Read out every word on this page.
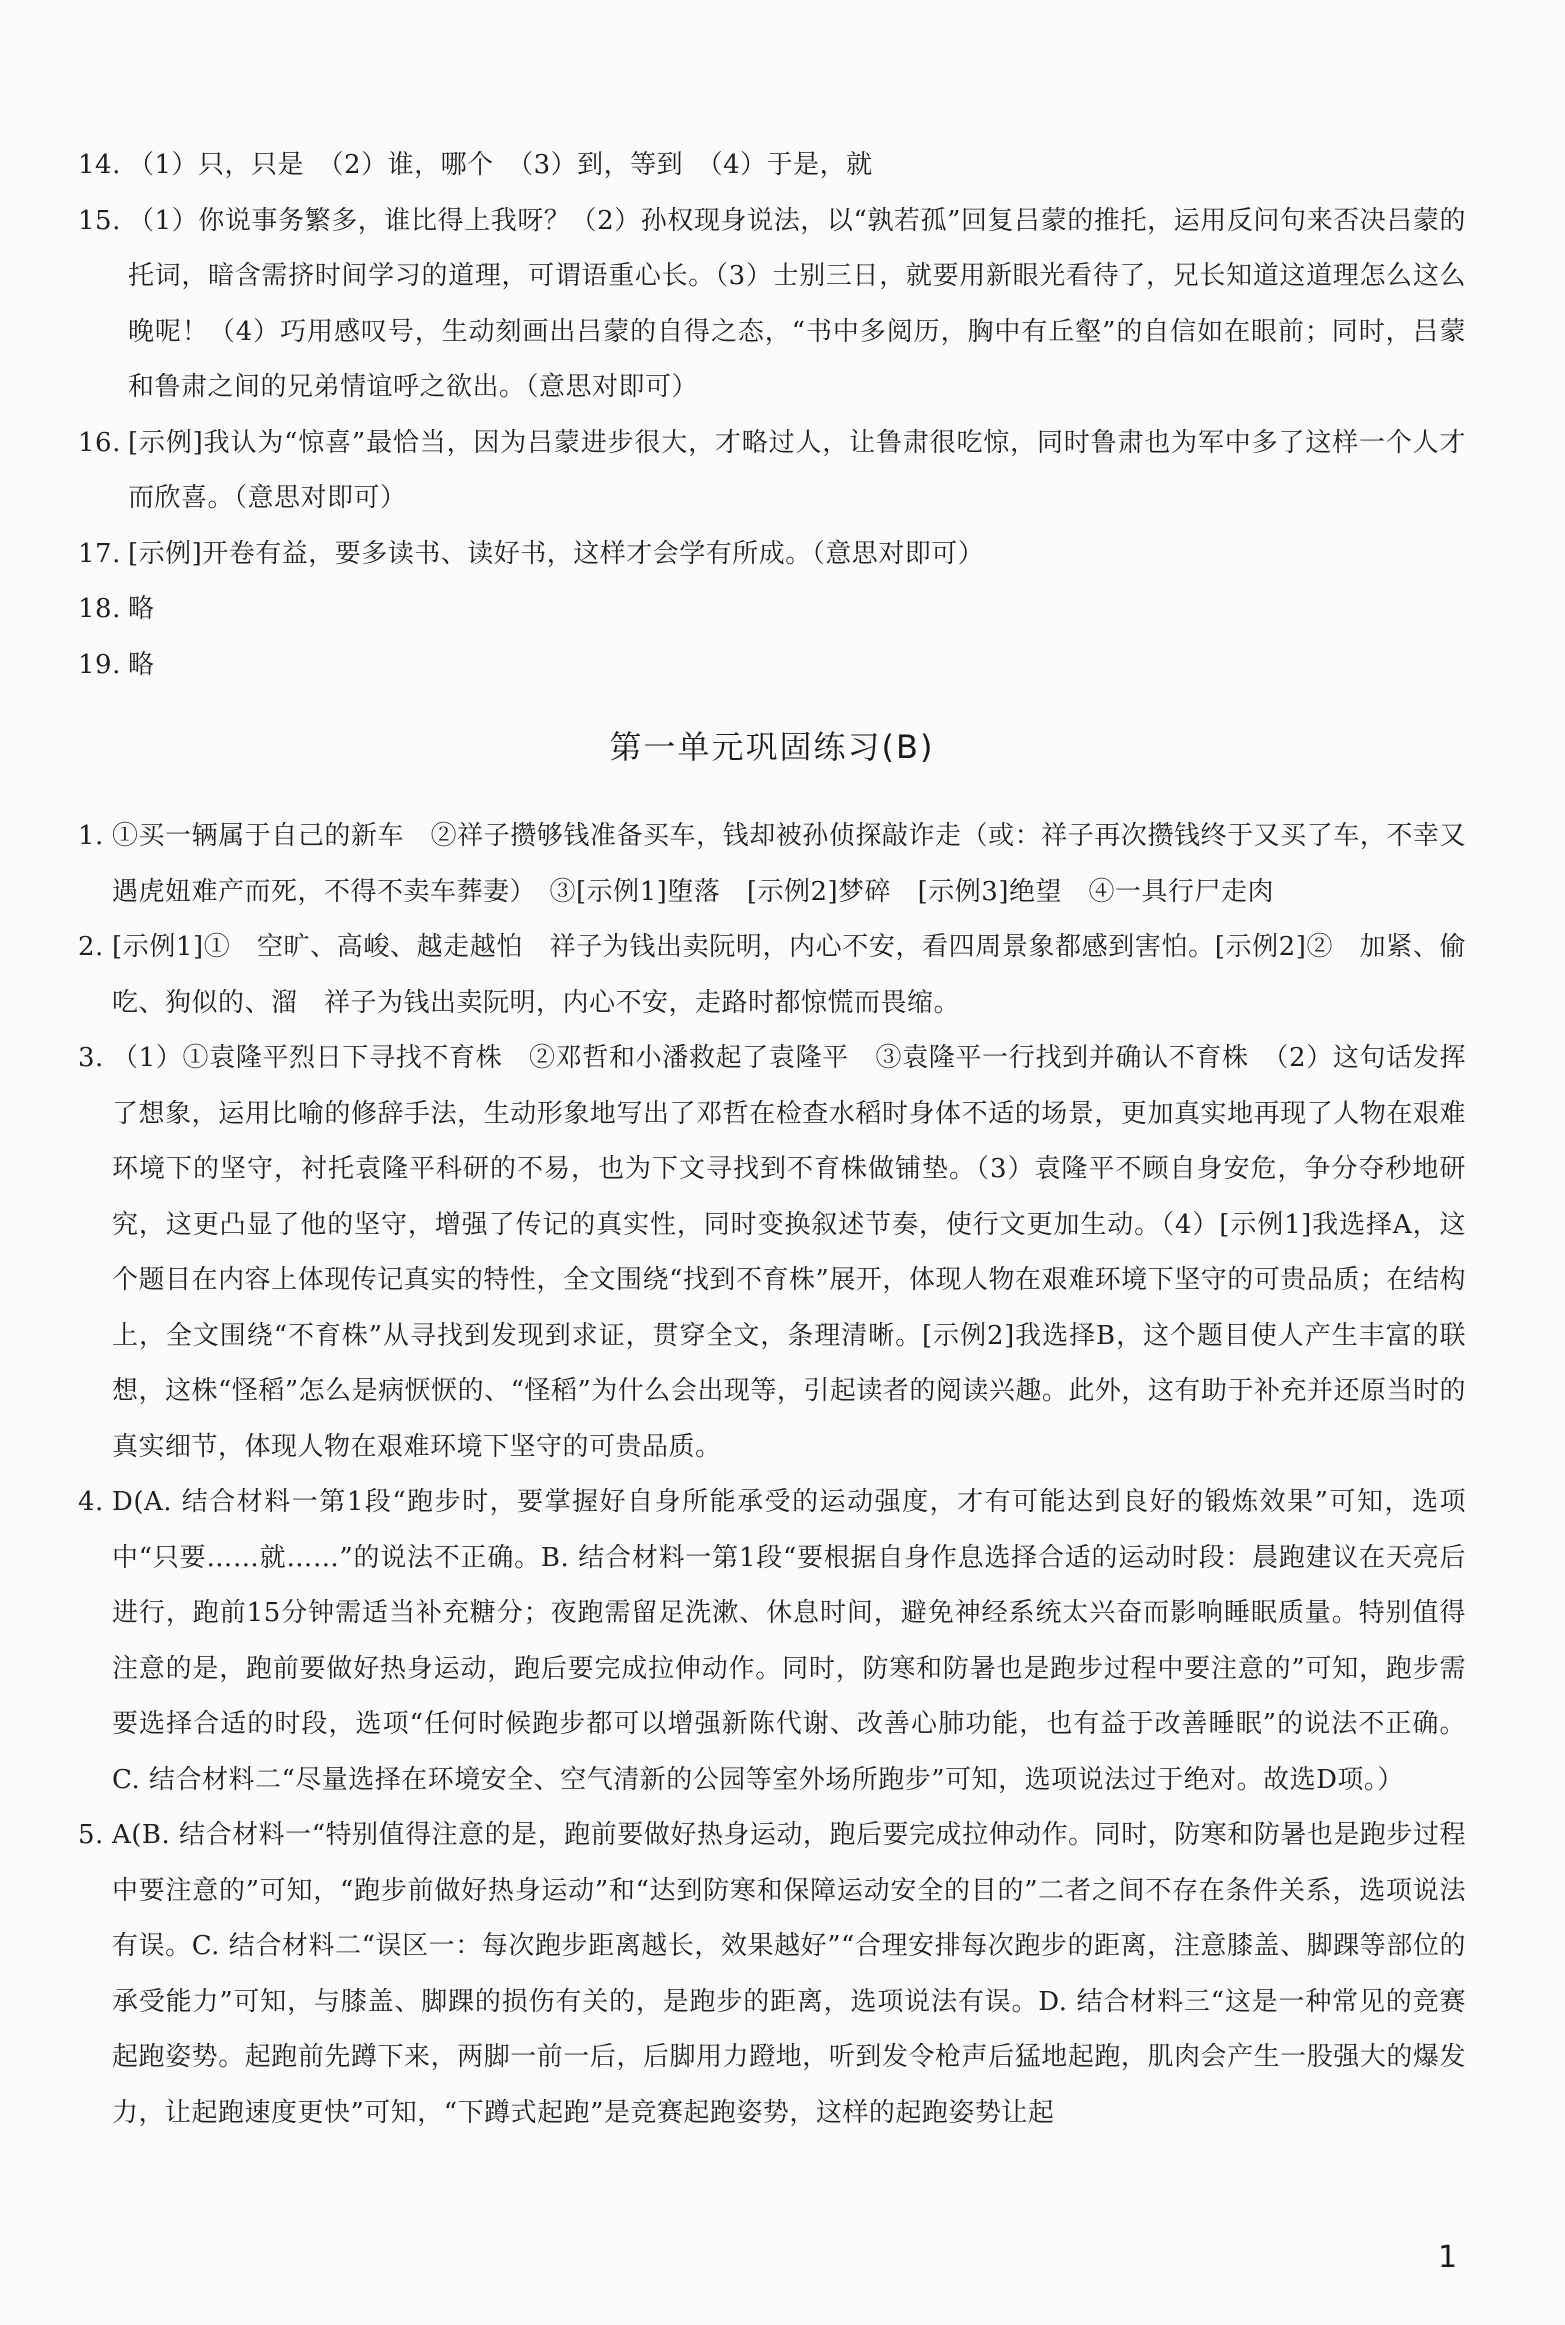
14. （1）只，只是　（2）谁，哪个　（3）到，等到　（4）于是，就
15. （1）你说事务繁多，谁比得上我呀？（2）孙权现身说法，以“孰若孤”回复吕蒙的推托，运用反问句来否决吕蒙的托词，暗含需挤时间学习的道理，可谓语重心长。（3）士别三日，就要用新眼光看待了，兄长知道这道理怎么这么晚呢！（4）巧用感叹号，生动刻画出吕蒙的自得之态，“书中多阅历，胸中有丘壑”的自信如在眼前；同时，吕蒙和鲁肃之间的兄弟情谊呼之欲出。（意思对即可）
16. [示例]我认为“惊喜”最恰当，因为吕蒙进步很大，才略过人，让鲁肃很吃惊，同时鲁肃也为军中多了这样一个人才而欣喜。（意思对即可）
17. [示例]开卷有益，要多读书、读好书，这样才会学有所成。（意思对即可）
18. 略
19. 略
第一单元巩固练习(B)
1. ①买一辆属于自己的新车　②祥子攒够钱准备买车，钱却被孙侦探敲诈走（或：祥子再次攒钱终于又买了车，不幸又遇虎妞难产而死，不得不卖车葬妻）　③[示例1]堕落　[示例2]梦碎　[示例3]绝望　④一具行尸走肉
2. [示例1]①　空旷、高峻、越走越怕　祥子为钱出卖阮明，内心不安，看四周景象都感到害怕。[示例2]②　加紧、偷吃、狗似的、溜　祥子为钱出卖阮明，内心不安，走路时都惊慌而畏缩。
3. （1）①袁隆平烈日下寻找不育株　②邓哲和小潘救起了袁隆平　③袁隆平一行找到并确认不育株　（2）这句话发挥了想象，运用比喻的修辞手法，生动形象地写出了邓哲在检查水稻时身体不适的场景，更加真实地再现了人物在艰难环境下的坚守，衬托袁隆平科研的不易，也为下文寻找到不育株做铺垫。（3）袁隆平不顾自身安危，争分夺秒地研究，这更凸显了他的坚守，增强了传记的真实性，同时变换叙述节奏，使行文更加生动。（4）[示例1]我选择A，这个题目在内容上体现传记真实的特性，全文围绕“找到不育株”展开，体现人物在艰难环境下坚守的可贵品质；在结构上，全文围绕“不育株”从寻找到发现到求证，贯穿全文，条理清晰。[示例2]我选择B，这个题目使人产生丰富的联想，这株“怪稻”怎么是病恹恹的、“怪稻”为什么会出现等，引起读者的阅读兴趣。此外，这有助于补充并还原当时的真实细节，体现人物在艰难环境下坚守的可贵品质。
4. D(A. 结合材料一第1段“跑步时，要掌握好自身所能承受的运动强度，才有可能达到良好的锻炼效果”可知，选项中“只要……就……”的说法不正确。B. 结合材料一第1段“要根据自身作息选择合适的运动时段：晨跑建议在天亮后进行，跑前15分钟需适当补充糖分；夜跑需留足洗漱、休息时间，避免神经系统太兴奋而影响睡眠质量。特别值得注意的是，跑前要做好热身运动，跑后要完成拉伸动作。同时，防寒和防暑也是跑步过程中要注意的”可知，跑步需要选择合适的时段，选项“任何时候跑步都可以增强新陈代谢、改善心肺功能，也有益于改善睡眠”的说法不正确。C. 结合材料二“尽量选择在环境安全、空气清新的公园等室外场所跑步”可知，选项说法过于绝对。故选D项。）
5. A(B. 结合材料一“特别值得注意的是，跑前要做好热身运动，跑后要完成拉伸动作。同时，防寒和防暑也是跑步过程中要注意的”可知，“跑步前做好热身运动”和“达到防寒和保障运动安全的目的”二者之间不存在条件关系，选项说法有误。C. 结合材料二“误区一：每次跑步距离越长，效果越好”“合理安排每次跑步的距离，注意膝盖、脚踝等部位的承受能力”可知，与膝盖、脚踝的损伤有关的，是跑步的距离，选项说法有误。D. 结合材料三“这是一种常见的竞赛起跑姿势。起跑前先蹲下来，两脚一前一后，后脚用力蹬地，听到发令枪声后猛地起跑，肌肉会产生一股强大的爆发力，让起跑速度更快”可知，“下蹲式起跑”是竞赛起跑姿势，这样的起跑姿势让起
1
